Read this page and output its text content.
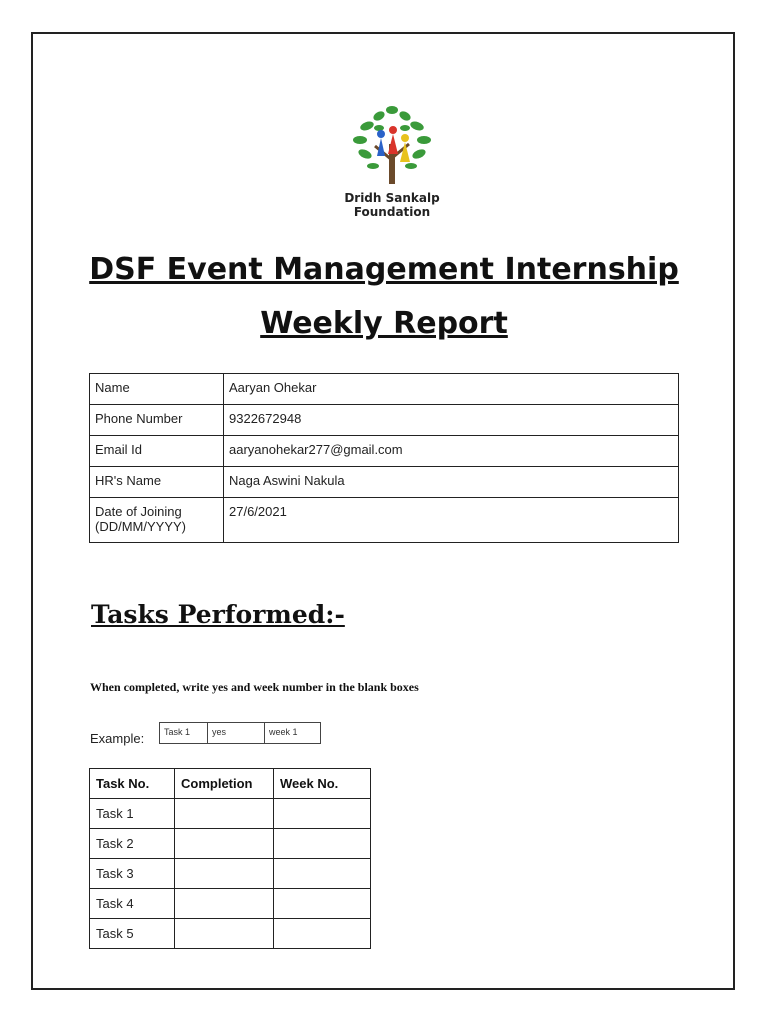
Dridh Sankalp
Foundation
DSF Event Management Internship
Weekly Report
Name	Aaryan Ohekar
Phone Number	9322672948
Email Id	aaryanohekar277@gmail.com
HR's Name	Naga Aswini Nakula
Date of Joining (DD/MM/YYYY)	27/6/2021
Tasks Performed:-
When completed, write yes and week number in the blank boxes
Example:	Task 1	yes	week 1
Task No.	Completion	Week No.
Task 1		
Task 2		
Task 3		
Task 4		
Task 5		
